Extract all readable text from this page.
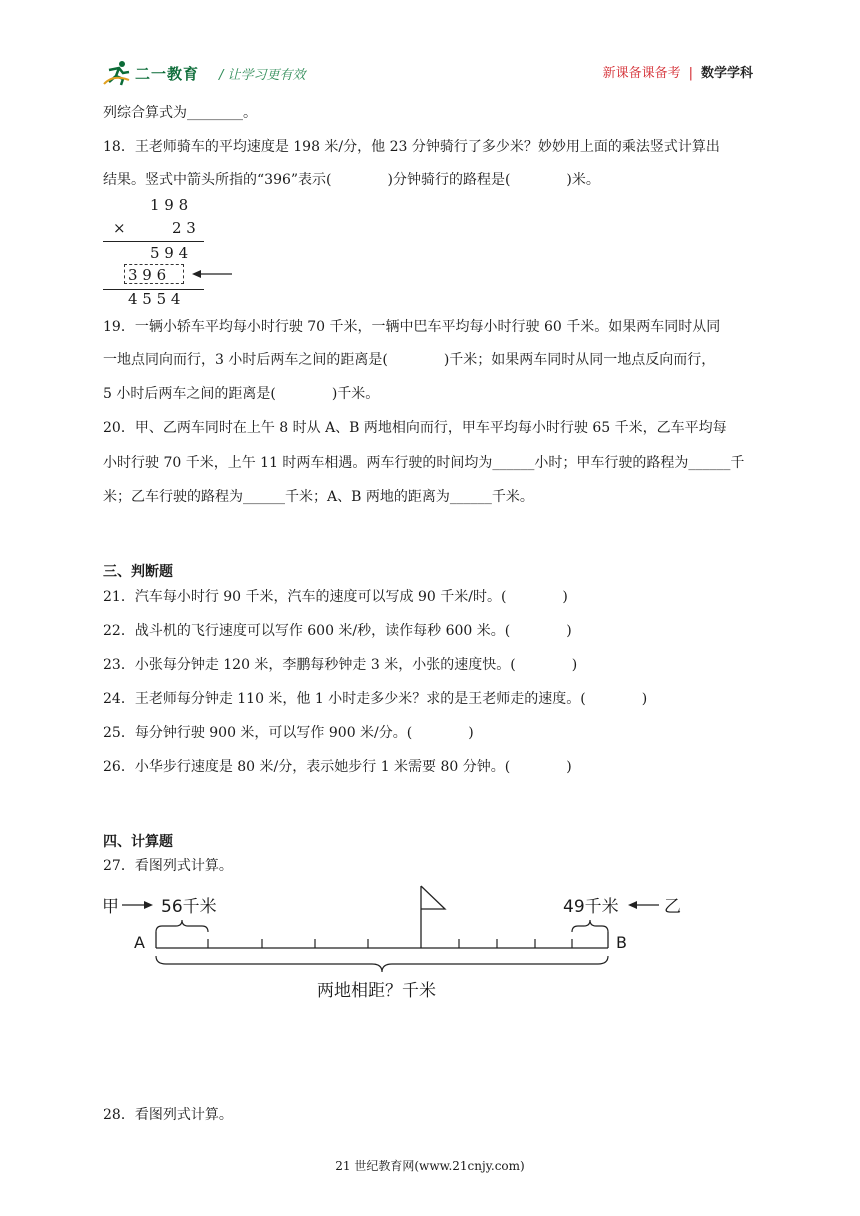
二一教育 / 让学习更有效	新课备课备考 | 数学学科
列综合算式为________。
18．王老师骑车的平均速度是 198 米/分，他 23 分钟骑行了多少米？妙妙用上面的乘法竖式计算出
结果。竖式中箭头所指的“396”表示(　　　　)分钟骑行的路程是(　　　　)米。
1 9 8
×	2 3
5 9 4
3 9 6
4 5 5 4
19．一辆小轿车平均每小时行驶 70 千米，一辆中巴车平均每小时行驶 60 千米。如果两车同时从同
一地点同向而行，3 小时后两车之间的距离是(　　　　)千米；如果两车同时从同一地点反向而行，
5 小时后两车之间的距离是(　　　　)千米。
20．甲、乙两车同时在上午 8 时从 A、B 两地相向而行，甲车平均每小时行驶 65 千米，乙车平均每
小时行驶 70 千米，上午 11 时两车相遇。两车行驶的时间均为______小时；甲车行驶的路程为______千
米；乙车行驶的路程为______千米；A、B 两地的距离为______千米。
三、判断题
21．汽车每小时行 90 千米，汽车的速度可以写成 90 千米/时。(　　　　)
22．战斗机的飞行速度可以写作 600 米/秒，读作每秒 600 米。(　　　　)
23．小张每分钟走 120 米，李鹏每秒钟走 3 米，小张的速度快。(　　　　)
24．王老师每分钟走 110 米，他 1 小时走多少米？求的是王老师走的速度。(　　　　)
25．每分钟行驶 900 米，可以写作 900 米/分。(　　　　)
26．小华步行速度是 80 米/分，表示她步行 1 米需要 80 分钟。(　　　　)
四、计算题
27．看图列式计算。
甲 56千米	49千米	乙
A	B
两地相距？千米
28．看图列式计算。
21 世纪教育网(www.21cnjy.com)
